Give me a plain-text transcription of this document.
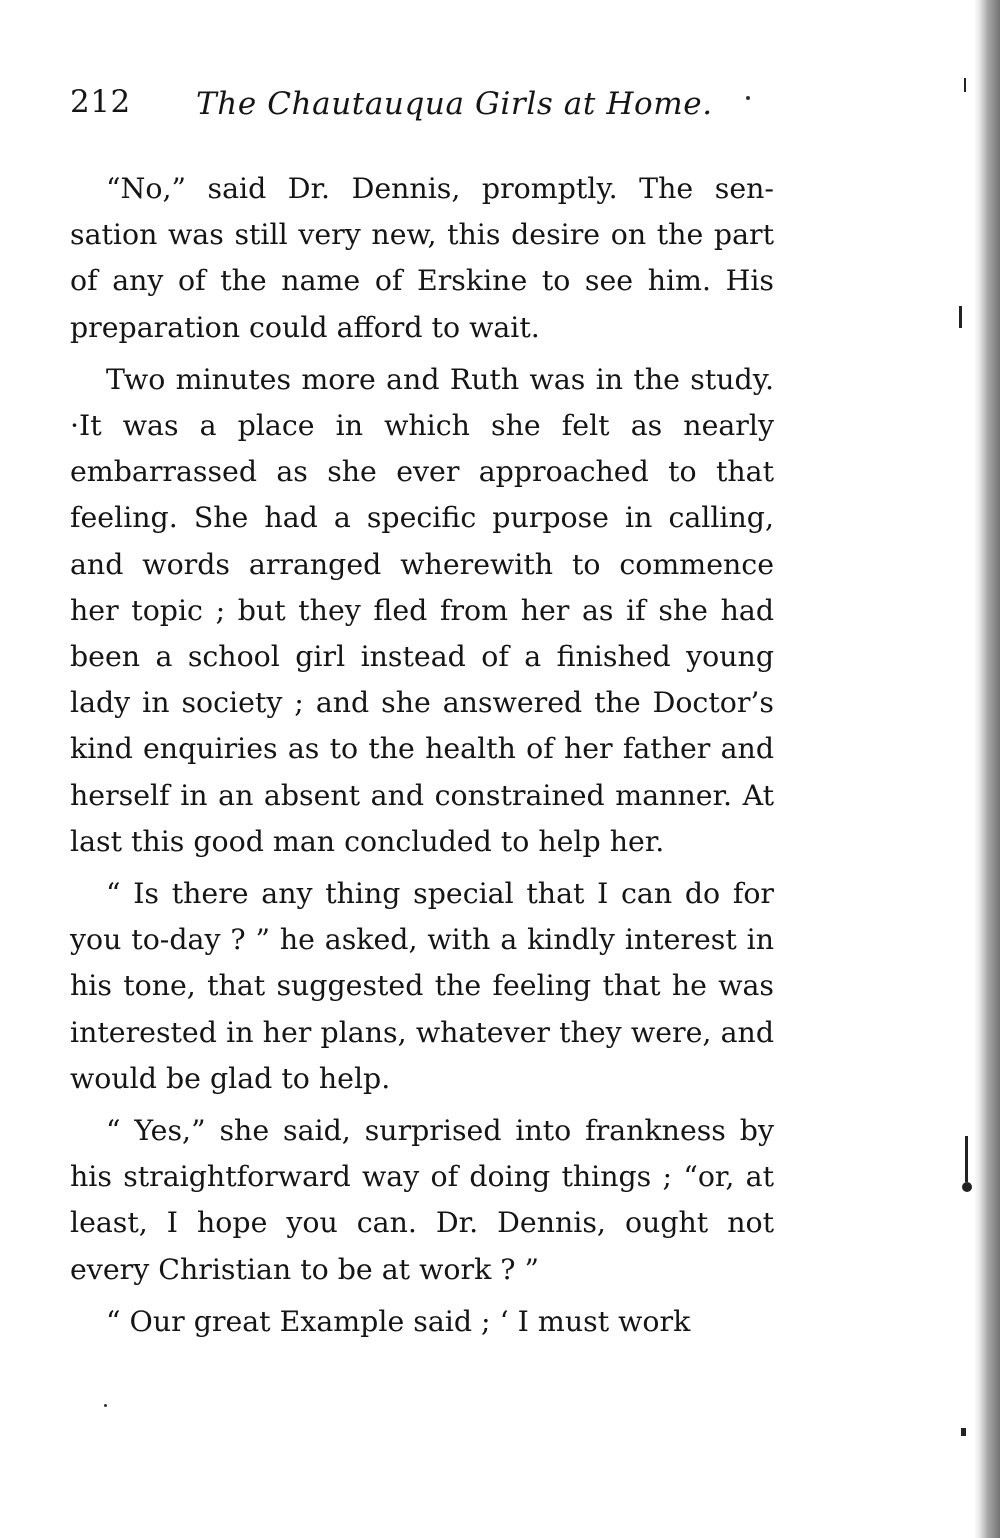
212 The Chautauqua Girls at Home.

“No,” said Dr. Dennis, promptly. The sensation was still very new, this desire on the part of any of the name of Erskine to see him. His preparation could afford to wait.

Two minutes more and Ruth was in the study. ·It was a place in which she felt as nearly embarrassed as she ever approached to that feeling. She had a specific purpose in calling, and words arranged wherewith to commence her topic ; but they fled from her as if she had been a school girl instead of a finished young lady in society ; and she answered the Doctor’s kind enquiries as to the health of her father and herself in an absent and constrained manner. At last this good man concluded to help her.

“ Is there any thing special that I can do for you to-day ? ” he asked, with a kindly interest in his tone, that suggested the feeling that he was interested in her plans, whatever they were, and would be glad to help.

“ Yes,” she said, surprised into frankness by his straightforward way of doing things ; “or, at least, I hope you can. Dr. Dennis, ought not every Christian to be at work ? ”

“ Our great Example said ; ‘ I must work
